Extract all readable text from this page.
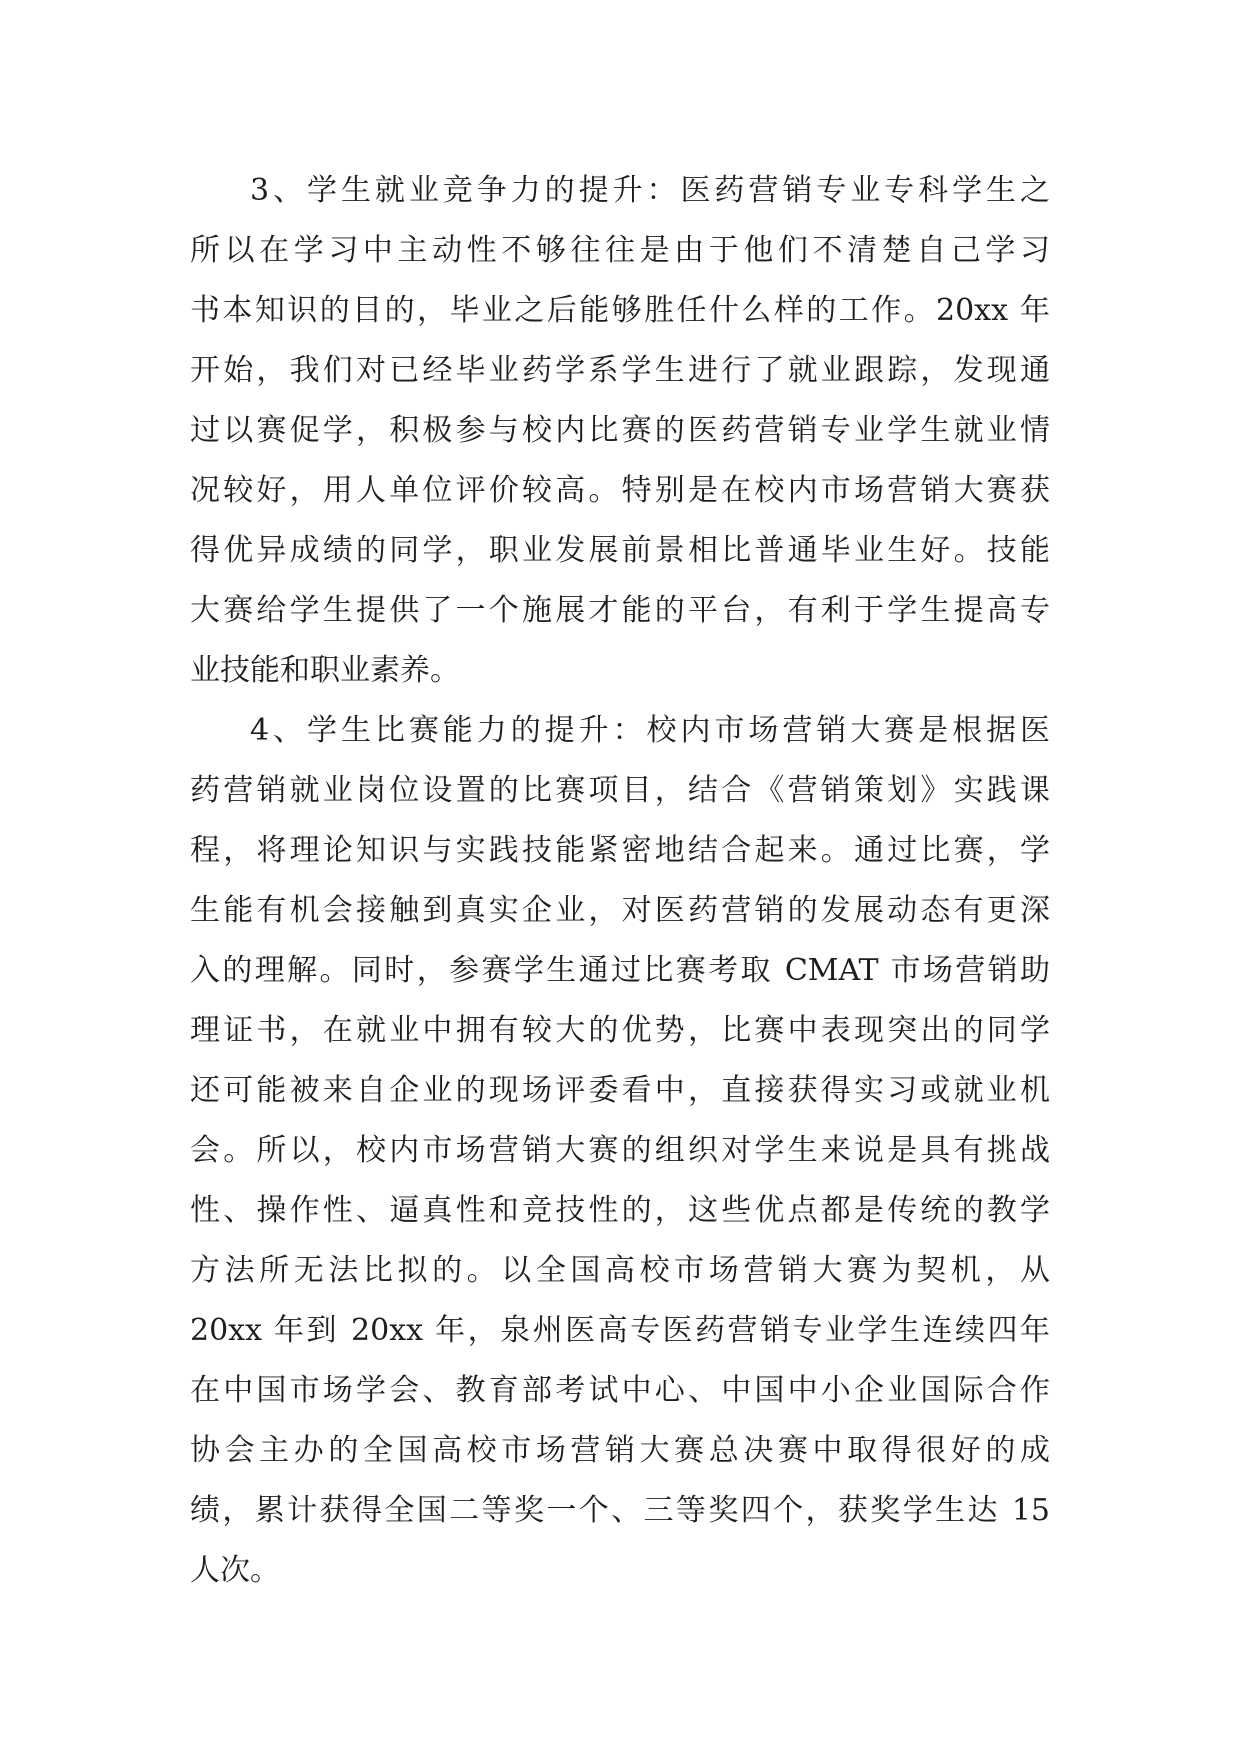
3、学生就业竞争力的提升：医药营销专业专科学生之
所以在学习中主动性不够往往是由于他们不清楚自己学习
书本知识的目的，毕业之后能够胜任什么样的工作。20xx 年
开始，我们对已经毕业药学系学生进行了就业跟踪，发现通
过以赛促学，积极参与校内比赛的医药营销专业学生就业情
况较好，用人单位评价较高。特别是在校内市场营销大赛获
得优异成绩的同学，职业发展前景相比普通毕业生好。技能
大赛给学生提供了一个施展才能的平台，有利于学生提高专
业技能和职业素养。
4、学生比赛能力的提升：校内市场营销大赛是根据医
药营销就业岗位设置的比赛项目，结合《营销策划》实践课
程，将理论知识与实践技能紧密地结合起来。通过比赛，学
生能有机会接触到真实企业，对医药营销的发展动态有更深
入的理解。同时，参赛学生通过比赛考取 CMAT 市场营销助
理证书，在就业中拥有较大的优势，比赛中表现突出的同学
还可能被来自企业的现场评委看中，直接获得实习或就业机
会。所以，校内市场营销大赛的组织对学生来说是具有挑战
性、操作性、逼真性和竞技性的，这些优点都是传统的教学
方法所无法比拟的。以全国高校市场营销大赛为契机，从
20xx 年到 20xx 年，泉州医高专医药营销专业学生连续四年
在中国市场学会、教育部考试中心、中国中小企业国际合作
协会主办的全国高校市场营销大赛总决赛中取得很好的成
绩，累计获得全国二等奖一个、三等奖四个，获奖学生达 15
人次。
